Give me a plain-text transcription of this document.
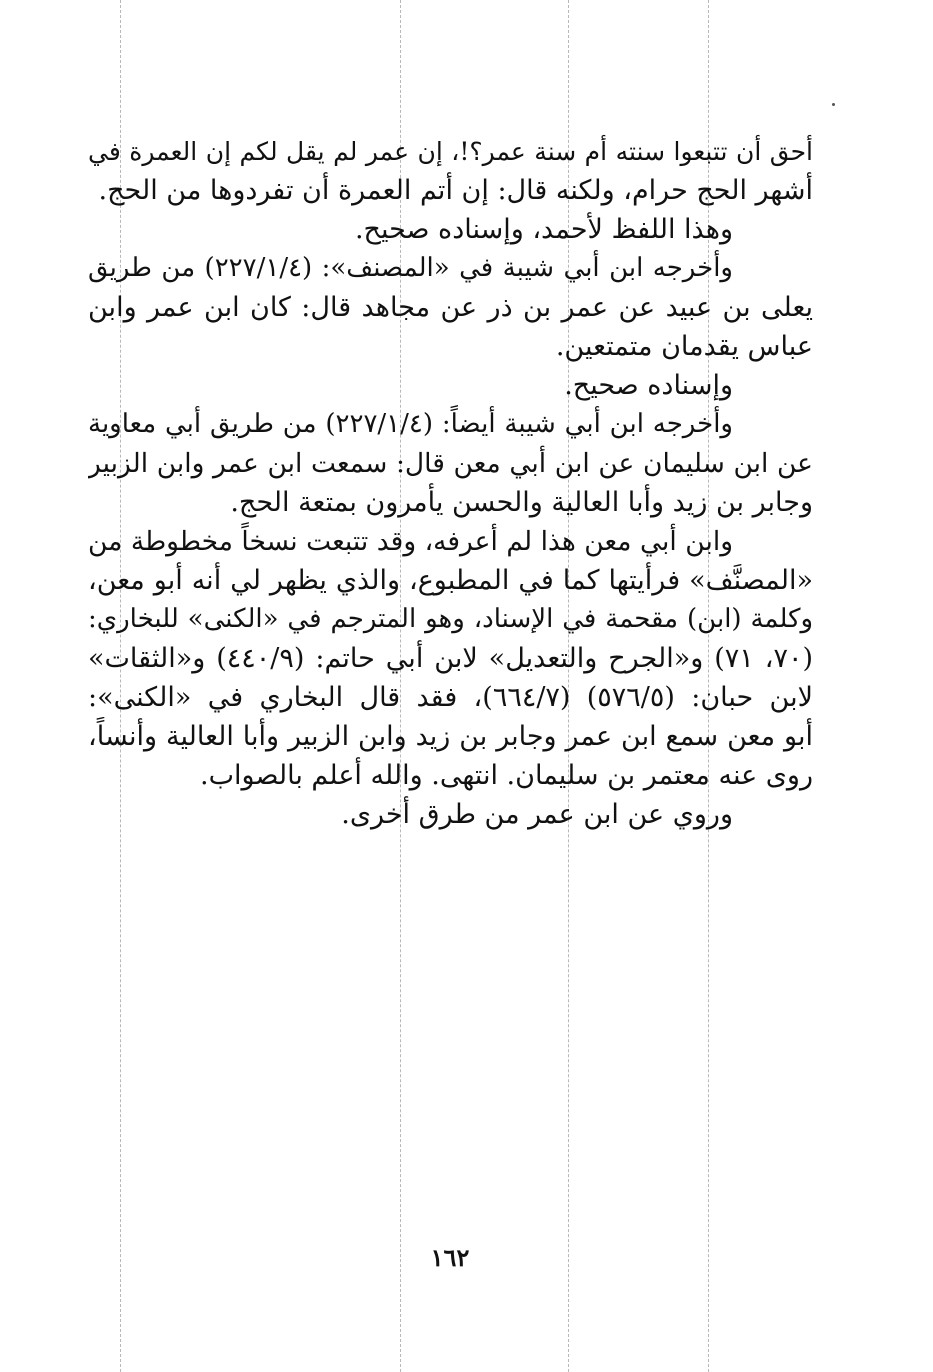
أحق أن تتبعوا سنته أم سنة عمر؟!، إن عمر لم يقل لكم إن العمرة في
أشهر الحج حرام، ولكنه قال: إن أتم العمرة أن تفردوها من الحج.
وهذا اللفظ لأحمد، وإسناده صحيح.
وأخرجه ابن أبي شيبة في «المصنف»: (٢٢٧/١/٤) من طريق
يعلى بن عبيد عن عمر بن ذر عن مجاهد قال: كان ابن عمر وابن
عباس يقدمان متمتعين.
وإسناده صحيح.
وأخرجه ابن أبي شيبة أيضاً: (٢٢٧/١/٤) من طريق أبي معاوية
عن ابن سليمان عن ابن أبي معن قال: سمعت ابن عمر وابن الزبير
وجابر بن زيد وأبا العالية والحسن يأمرون بمتعة الحج.
وابن أبي معن هذا لم أعرفه، وقد تتبعت نسخاً مخطوطة من
«المصنَّف» فرأيتها كما في المطبوع، والذي يظهر لي أنه أبو معن،
وكلمة (ابن) مقحمة في الإسناد، وهو المترجم في «الكنى» للبخاري:
(٧٠، ٧١) و«الجرح والتعديل» لابن أبي حاتم: (٤٤٠/٩) و«الثقات»
لابن حبان: (٥٧٦/٥) (٦٦٤/٧)، فقد قال البخاري في «الكنى»:
أبو معن سمع ابن عمر وجابر بن زيد وابن الزبير وأبا العالية وأنساً،
روى عنه معتمر بن سليمان. انتهى. والله أعلم بالصواب.
وروي عن ابن عمر من طرق أخرى.
١٦٢
